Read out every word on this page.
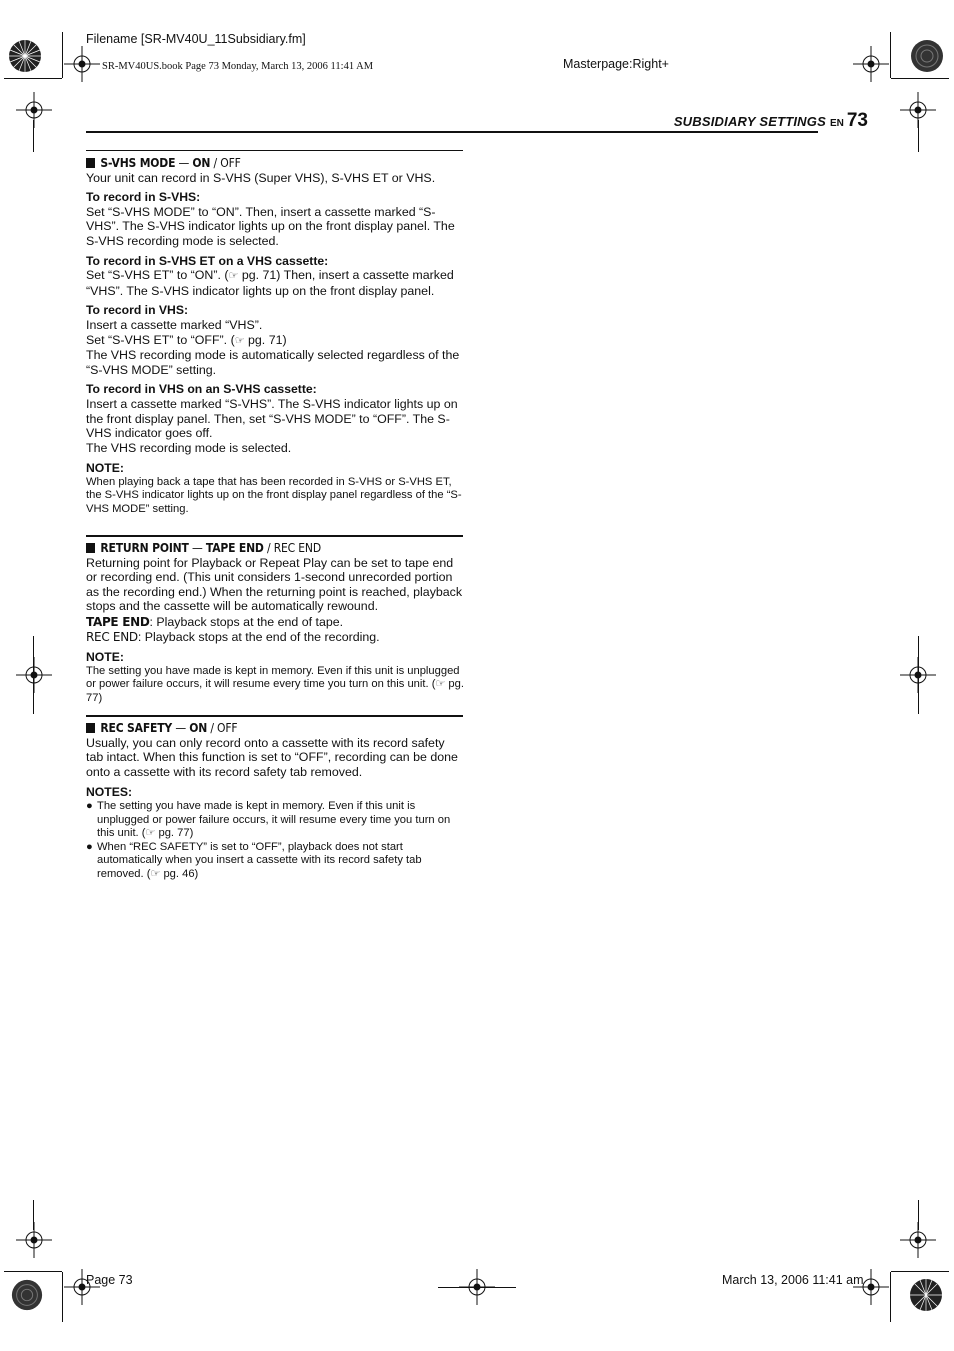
Filename [SR-MV40U_11Subsidiary.fm]
SR-MV40US.book Page 73 Monday, March 13, 2006 11:41 AM	Masterpage:Right+
SUBSIDIARY SETTINGS EN 73
S-VHS MODE — ON / OFF

Your unit can record in S-VHS (Super VHS), S-VHS ET or VHS.

To record in S-VHS:

Set “S-VHS MODE” to “ON”. Then, insert a cassette marked “S-VHS”. The S-VHS indicator lights up on the front display panel. The S-VHS recording mode is selected.

To record in S-VHS ET on a VHS cassette:

Set “S-VHS ET” to “ON”. (☞ pg. 71) Then, insert a cassette marked “VHS”. The S-VHS indicator lights up on the front display panel.

To record in VHS:

Insert a cassette marked “VHS”.

Set “S-VHS ET” to “OFF”. (☞ pg. 71)

The VHS recording mode is automatically selected regardless of the “S-VHS MODE” setting.

To record in VHS on an S-VHS cassette:

Insert a cassette marked “S-VHS”. The S-VHS indicator lights up on the front display panel. Then, set “S-VHS MODE” to “OFF”. The S-VHS indicator goes off.

The VHS recording mode is selected.

NOTE:

When playing back a tape that has been recorded in S-VHS or S-VHS ET, the S-VHS indicator lights up on the front display panel regardless of the “S-VHS MODE” setting.

RETURN POINT — TAPE END / REC END

Returning point for Playback or Repeat Play can be set to tape end or recording end. (This unit considers 1-second unrecorded portion as the recording end.) When the returning point is reached, playback stops and the cassette will be automatically rewound.

TAPE END: Playback stops at the end of tape.

REC END: Playback stops at the end of the recording.

NOTE:

The setting you have made is kept in memory. Even if this unit is unplugged or power failure occurs, it will resume every time you turn on this unit. (☞ pg. 77)

REC SAFETY — ON / OFF

Usually, you can only record onto a cassette with its record safety tab intact. When this function is set to “OFF”, recording can be done onto a cassette with its record safety tab removed.

NOTES:
● The setting you have made is kept in memory. Even if this unit is unplugged or power failure occurs, it will resume every time you turn on this unit. (☞ pg. 77)
● When “REC SAFETY” is set to “OFF”, playback does not start automatically when you insert a cassette with its record safety tab removed. (☞ pg. 46)
Page 73	March 13, 2006 11:41 am
